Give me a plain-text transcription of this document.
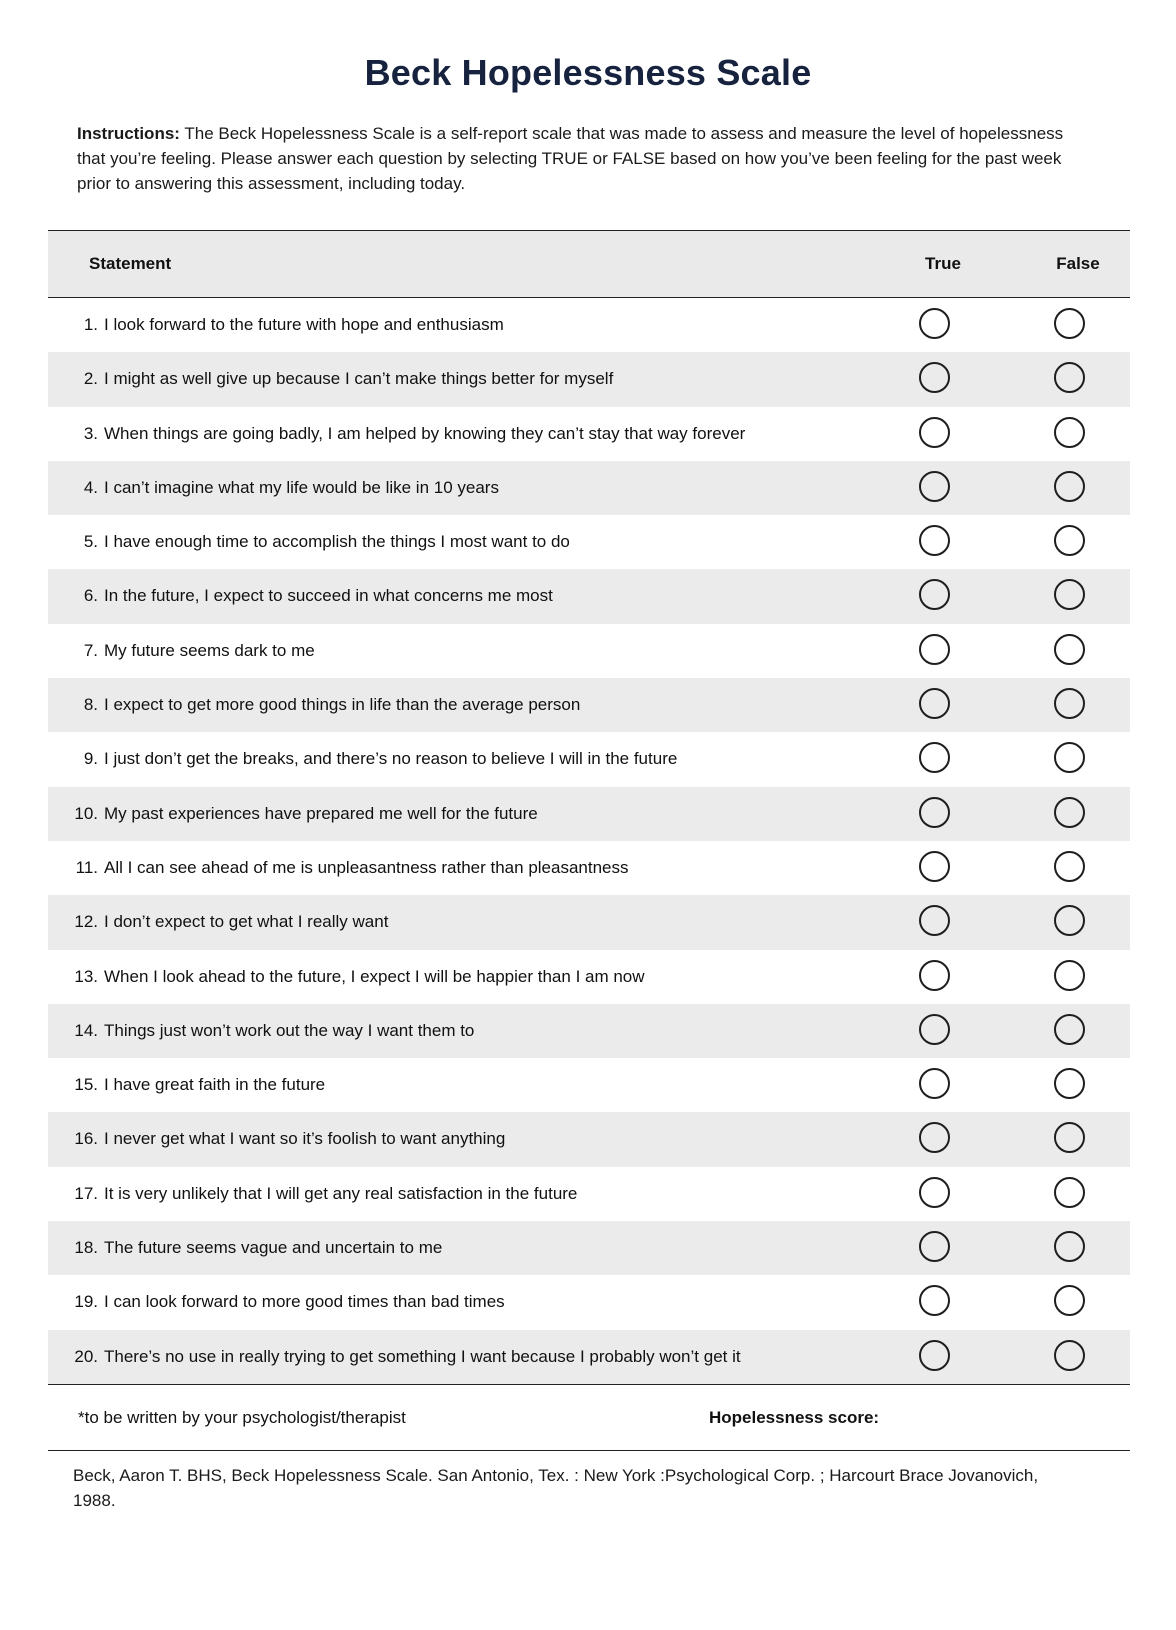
Beck Hopelessness Scale
Instructions: The Beck Hopelessness Scale is a self-report scale that was made to assess and measure the level of hopelessness that you’re feeling. Please answer each question by selecting TRUE or FALSE based on how you’ve been feeling for the past week prior to answering this assessment, including today.
Statement	True	False
1. I look forward to the future with hope and enthusiasm
2. I might as well give up because I can’t make things better for myself
3. When things are going badly, I am helped by knowing they can’t stay that way forever
4. I can’t imagine what my life would be like in 10 years
5. I have enough time to accomplish the things I most want to do
6. In the future, I expect to succeed in what concerns me most
7. My future seems dark to me
8. I expect to get more good things in life than the average person
9. I just don’t get the breaks, and there’s no reason to believe I will in the future
10. My past experiences have prepared me well for the future
11. All I can see ahead of me is unpleasantness rather than pleasantness
12. I don’t expect to get what I really want
13. When I look ahead to the future, I expect I will be happier than I am now
14. Things just won’t work out the way I want them to
15. I have great faith in the future
16. I never get what I want so it’s foolish to want anything
17. It is very unlikely that I will get any real satisfaction in the future
18. The future seems vague and uncertain to me
19. I can look forward to more good times than bad times
20. There’s no use in really trying to get something I want because I probably won’t get it
*to be written by your psychologist/therapist	Hopelessness score:
Beck, Aaron T. BHS, Beck Hopelessness Scale. San Antonio, Tex. : New York :Psychological Corp. ; Harcourt Brace Jovanovich, 1988.
